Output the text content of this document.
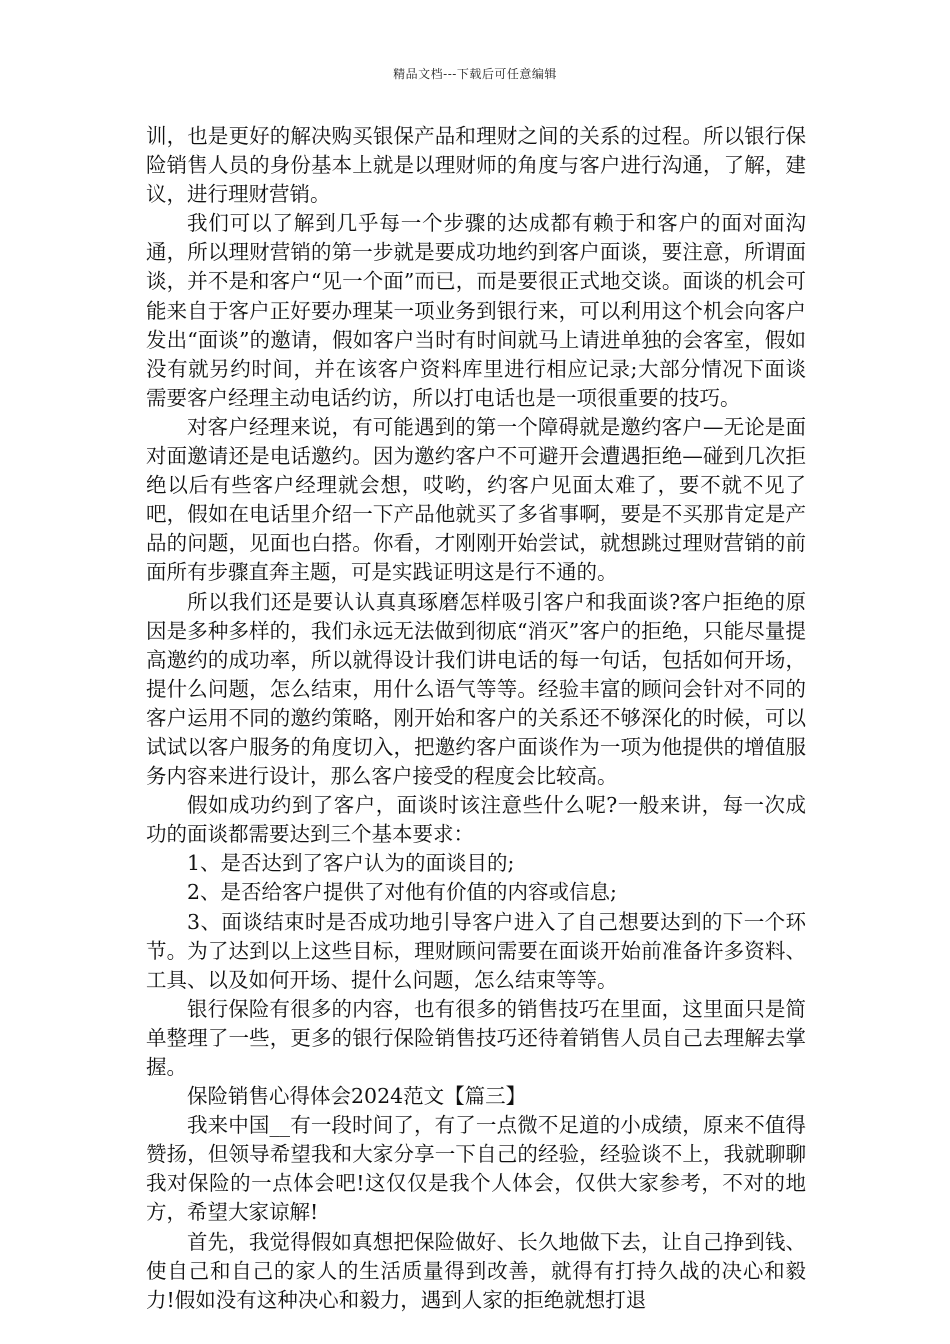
精品文档---下载后可任意编辑

训，也是更好的解决购买银保产品和理财之间的关系的过程。所以银行保险销售人员的身份基本上就是以理财师的角度与客户进行沟通，了解，建议，进行理财营销。

我们可以了解到几乎每一个步骤的达成都有赖于和客户的面对面沟通，所以理财营销的第一步就是要成功地约到客户面谈，要注意，所谓面谈，并不是和客户“见一个面”而已，而是要很正式地交谈。面谈的机会可能来自于客户正好要办理某一项业务到银行来，可以利用这个机会向客户发出“面谈”的邀请，假如客户当时有时间就马上请进单独的会客室，假如没有就另约时间，并在该客户资料库里进行相应记录;大部分情况下面谈需要客户经理主动电话约访，所以打电话也是一项很重要的技巧。

对客户经理来说，有可能遇到的第一个障碍就是邀约客户—无论是面对面邀请还是电话邀约。因为邀约客户不可避开会遭遇拒绝—碰到几次拒绝以后有些客户经理就会想，哎哟，约客户见面太难了，要不就不见了吧，假如在电话里介绍一下产品他就买了多省事啊，要是不买那肯定是产品的问题，见面也白搭。你看，才刚刚开始尝试，就想跳过理财营销的前面所有步骤直奔主题，可是实践证明这是行不通的。

所以我们还是要认认真真琢磨怎样吸引客户和我面谈?客户拒绝的原因是多种多样的，我们永远无法做到彻底“消灭”客户的拒绝，只能尽量提高邀约的成功率，所以就得设计我们讲电话的每一句话，包括如何开场，提什么问题，怎么结束，用什么语气等等。经验丰富的顾问会针对不同的客户运用不同的邀约策略，刚开始和客户的关系还不够深化的时候，可以试试以客户服务的角度切入，把邀约客户面谈作为一项为他提供的增值服务内容来进行设计，那么客户接受的程度会比较高。

假如成功约到了客户，面谈时该注意些什么呢?一般来讲，每一次成功的面谈都需要达到三个基本要求：

1、是否达到了客户认为的面谈目的;

2、是否给客户提供了对他有价值的内容或信息;

3、面谈结束时是否成功地引导客户进入了自己想要达到的下一个环节。为了达到以上这些目标，理财顾问需要在面谈开始前准备许多资料、工具、以及如何开场、提什么问题，怎么结束等等。

银行保险有很多的内容，也有很多的销售技巧在里面，这里面只是简单整理了一些，更多的银行保险销售技巧还待着销售人员自己去理解去掌握。

保险销售心得体会2024范文【篇三】

我来中国__有一段时间了，有了一点微不足道的小成绩，原来不值得赞扬，但领导希望我和大家分享一下自己的经验，经验谈不上，我就聊聊我对保险的一点体会吧!这仅仅是我个人体会，仅供大家参考，不对的地方，希望大家谅解!

首先，我觉得假如真想把保险做好、长久地做下去，让自己挣到钱、使自己和自己的家人的生活质量得到改善，就得有打持久战的决心和毅力!假如没有这种决心和毅力，遇到人家的拒绝就想打退
